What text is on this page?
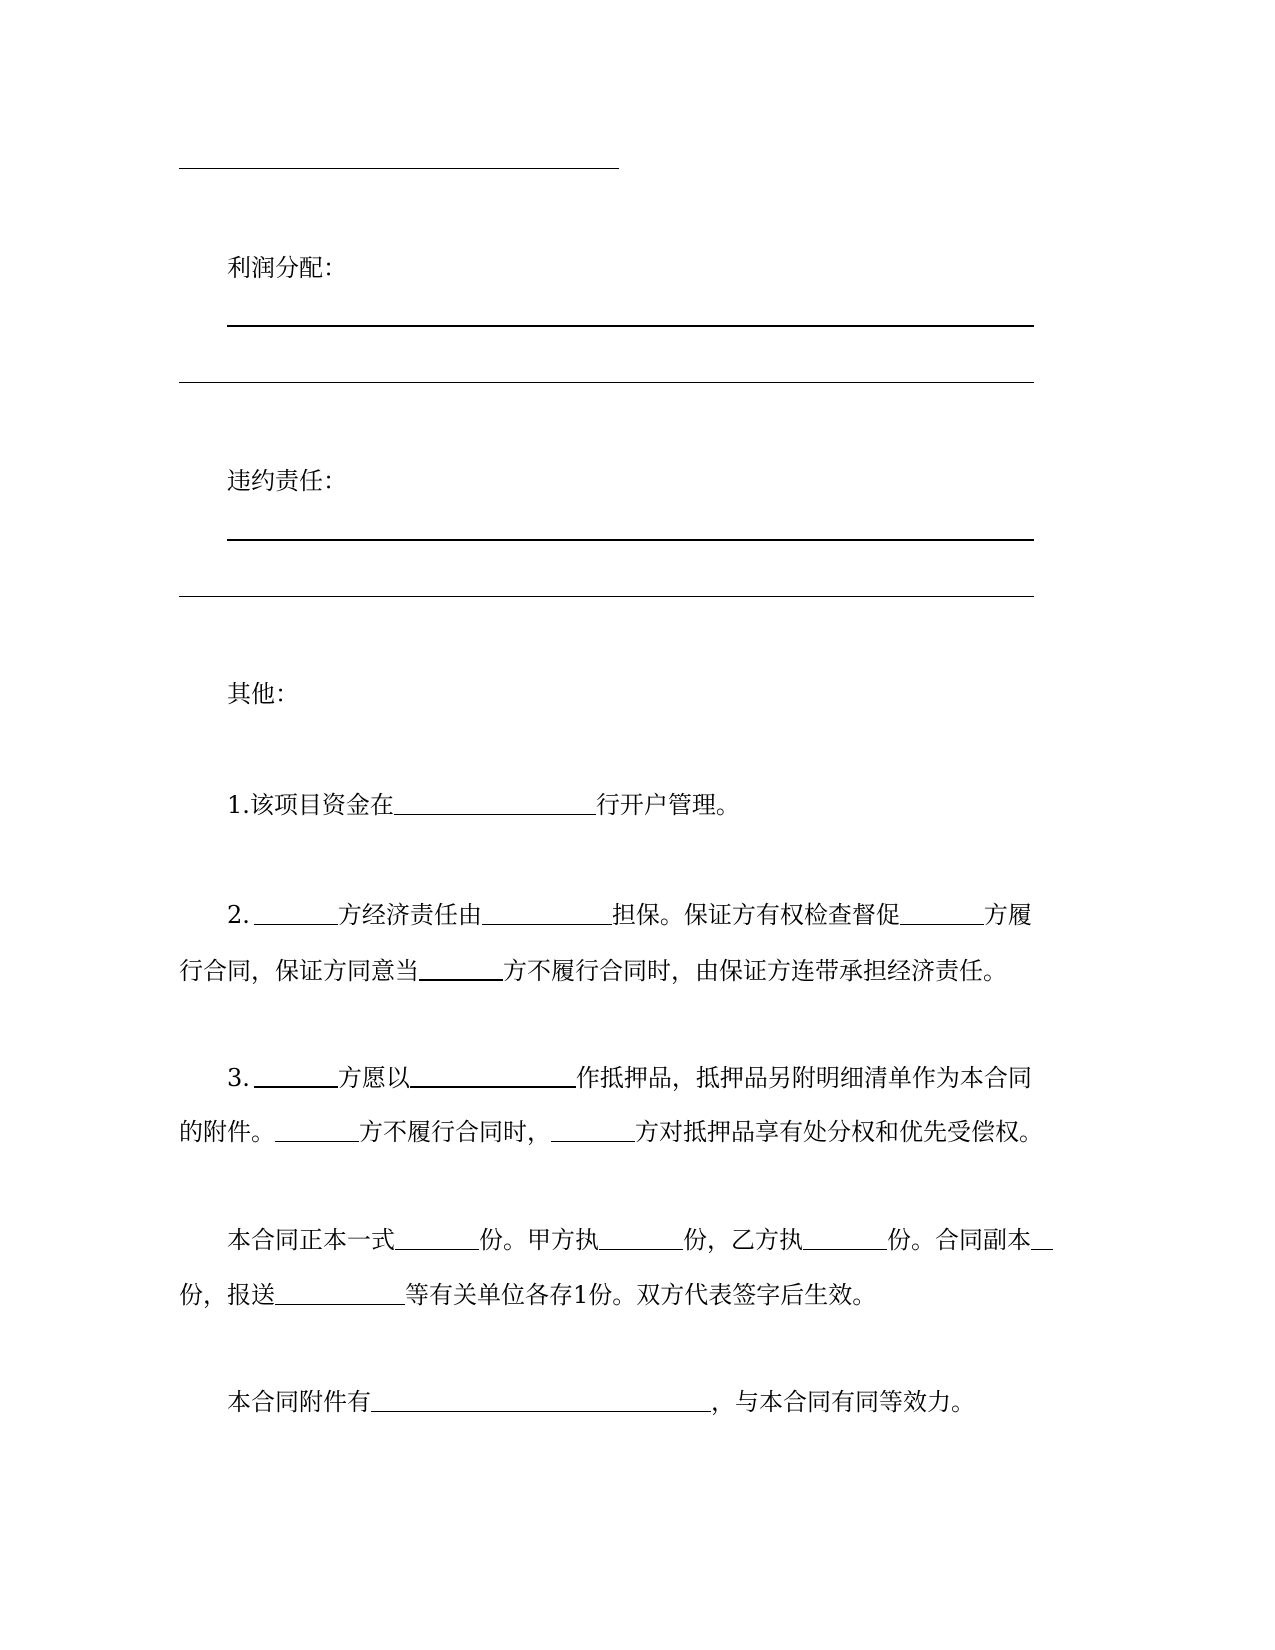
利润分配：
违约责任：
其他：
1.该项目资金在	行开户管理。
2.	方经济责任由	担保。保证方有权检查督促	方履
行合同，保证方同意当	方不履行合同时，由保证方连带承担经济责任。
3.	方愿以	作抵押品，抵押品另附明细清单作为本合同
的附件。	方不履行合同时，	方对抵押品享有处分权和优先受偿权。
本合同正本一式	份。甲方执	份，乙方执	份。合同副本
份，报送	等有关单位各存1份。双方代表签字后生效。
本合同附件有	，与本合同有同等效力。
